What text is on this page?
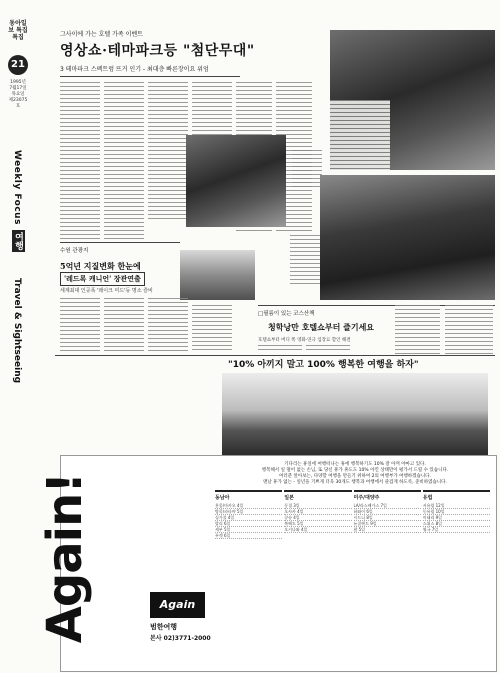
동아일보 특집특집
21
1995년
7월17일
목요일
제23075호
Weekly Focus
여행
Travel & Sightseeing
그사이에 가는 호텔 가족 이벤트
영상쇼·테마파크등 "첨단무대"
3 테마파크 스펙트럼 뜨거 인기 - 최대층 빠른장이요 위엄
수원 관광지
5억년 지질변화 한눈에
'레드록 캐니언' 장관연출
세계최대 인공폭 '레이크 미드'등 명소 즐비
□필름이 있는 코스산책
청학낭만 호텔쇼부터 즐기세요
호텔쇼부터 버디 쪽 영화·연극 입장료 할인 해결
"10% 아끼지 말고 100% 행복한 여행을 하자"
Again!
기다리는 휴일에 여행떠나는 휴에 행복하기도 10% 잘 아껴 야마고 있다.
행복해서 일 떨어 없는 손님, 또 당신 휴가 휴도도 10% 아낀 상태만이 평가서 드릴 수 있습니다.
여러분 알아보는, 다양할 여행을 만들기 위하여 2의 여행부가 여행하겠습니다.
맨날 휴가 없는 - 일년을 기쁘게 더욱 30개도 행복과 여행에서 즐겁게 하도록, 준비하였습니다.
Again
범한여행
본사 02)3771-2000
동남아
홍콩/마카오 4일
방콕/파타야 5일
싱가폴 4일
발리 6일
세부 5일
푸켓 6일
일본
동경 3일
오사카 4일
큐슈 4일
북해도 5일
오키나와 4일
미주/대양주
LA/라스베가스 7일
하와이 6일
시드니 8일
뉴질랜드 9일
괌 5일
유럽
서유럽 12일
동유럽 10일
이태리 9일
스위스 8일
영국 7일
